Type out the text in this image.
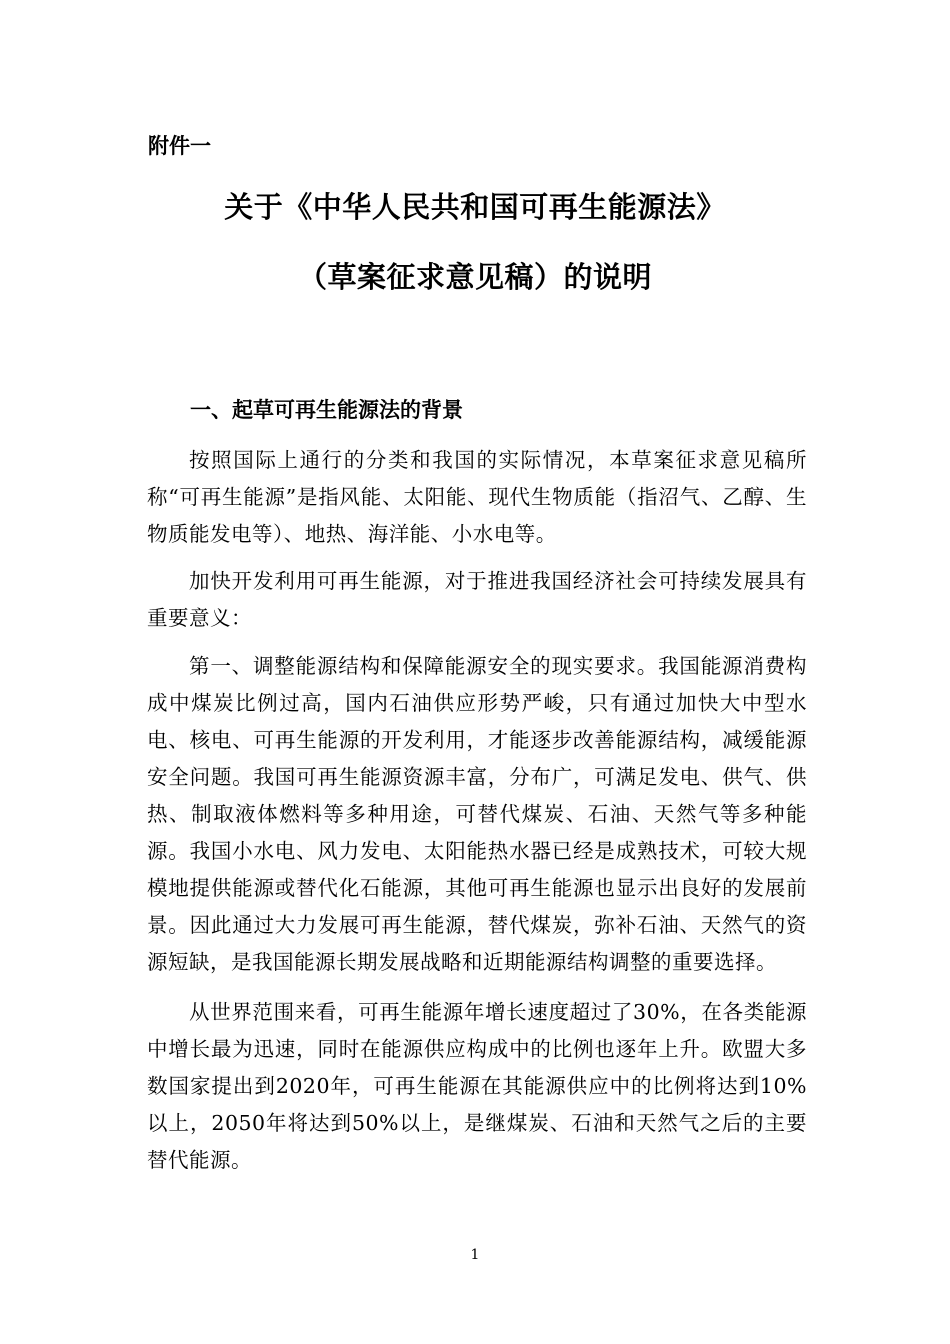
附件一
关于《中华人民共和国可再生能源法》
（草案征求意见稿）的说明
一、起草可再生能源法的背景

按照国际上通行的分类和我国的实际情况，本草案征求意见稿所称“可再生能源”是指风能、太阳能、现代生物质能（指沼气、乙醇、生物质能发电等）、地热、海洋能、小水电等。

加快开发利用可再生能源，对于推进我国经济社会可持续发展具有重要意义：

第一、调整能源结构和保障能源安全的现实要求。我国能源消费构成中煤炭比例过高，国内石油供应形势严峻，只有通过加快大中型水电、核电、可再生能源的开发利用，才能逐步改善能源结构，减缓能源安全问题。我国可再生能源资源丰富，分布广，可满足发电、供气、供热、制取液体燃料等多种用途，可替代煤炭、石油、天然气等多种能源。我国小水电、风力发电、太阳能热水器已经是成熟技术，可较大规模地提供能源或替代化石能源，其他可再生能源也显示出良好的发展前景。因此通过大力发展可再生能源，替代煤炭，弥补石油、天然气的资源短缺，是我国能源长期发展战略和近期能源结构调整的重要选择。

从世界范围来看，可再生能源年增长速度超过了30%，在各类能源中增长最为迅速，同时在能源供应构成中的比例也逐年上升。欧盟大多数国家提出到2020年，可再生能源在其能源供应中的比例将达到10%以上，2050年将达到50%以上，是继煤炭、石油和天然气之后的主要替代能源。

1
